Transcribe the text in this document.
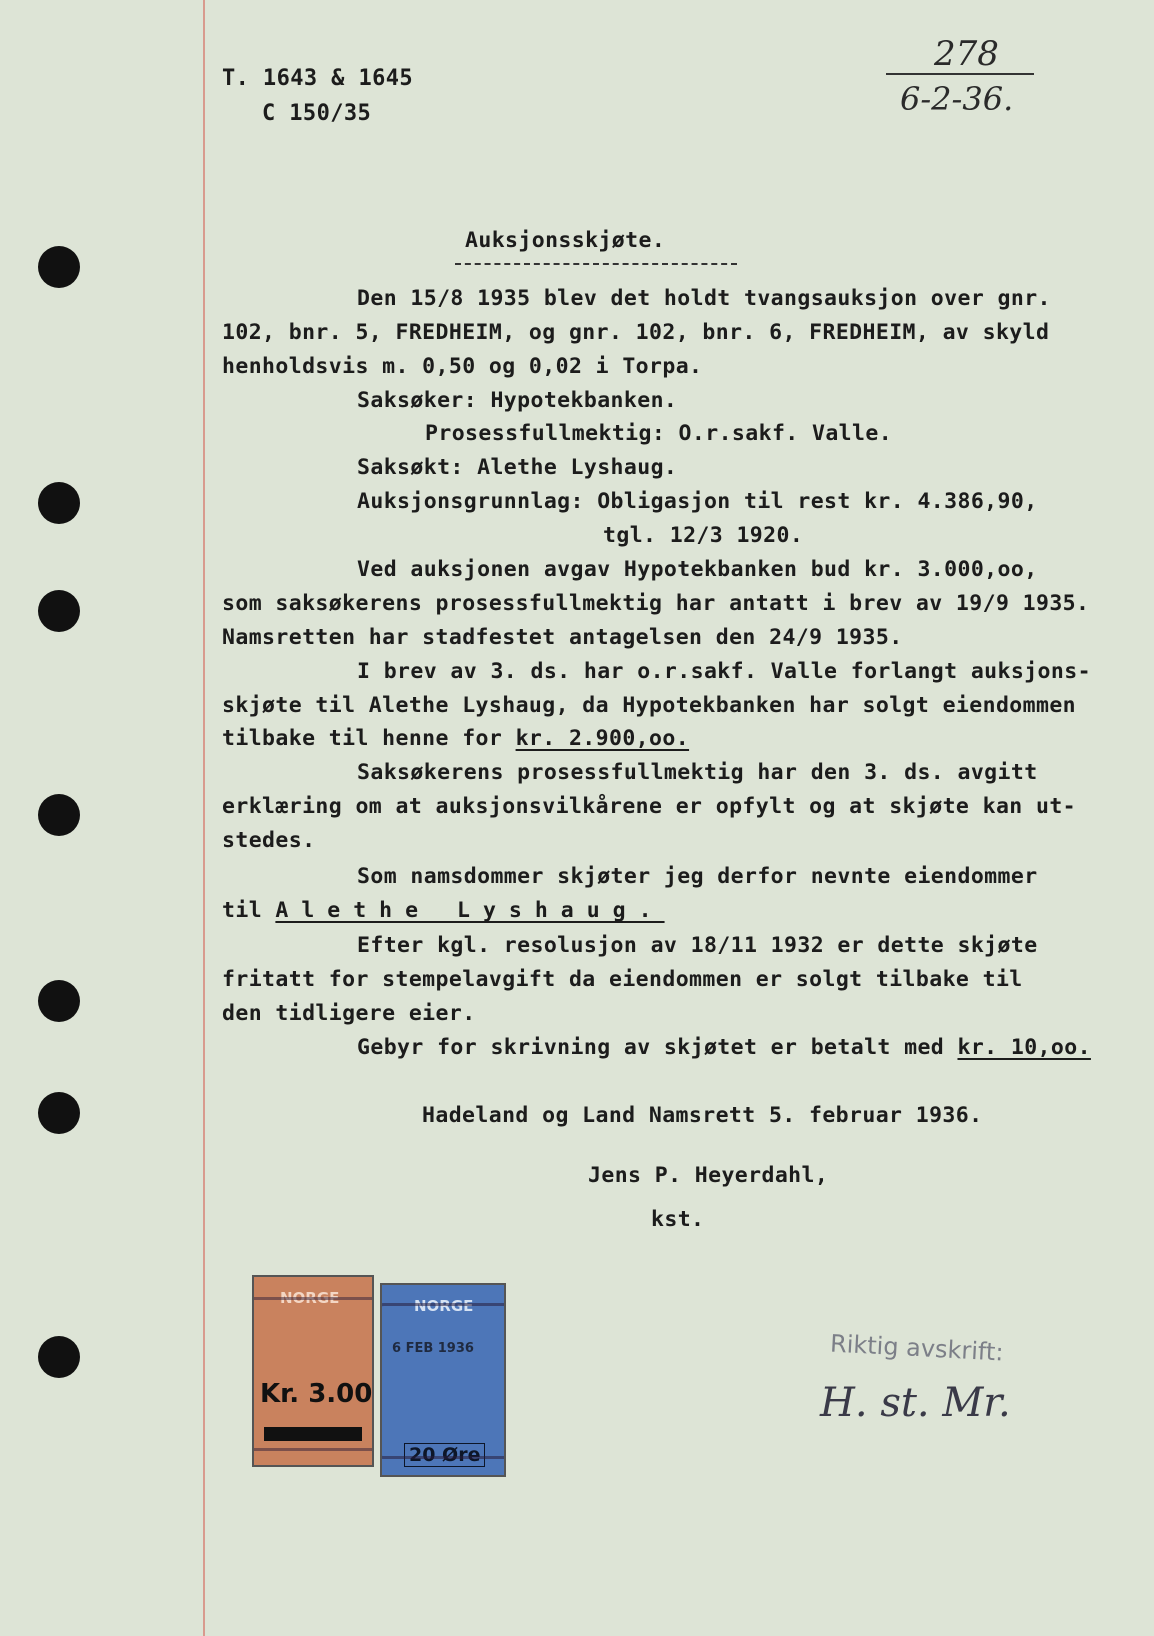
T. 1643 & 1645
C 150/35
278
6-2-36.
Auksjonsskjøte.
Den 15/8 1935 blev det holdt tvangsauksjon over gnr.
102, bnr. 5, FREDHEIM, og gnr. 102, bnr. 6, FREDHEIM, av skyld
henholdsvis m. 0,50 og 0,02 i Torpa.
Saksøker: Hypotekbanken.
Prosessfullmektig: O.r.sakf. Valle.
Saksøkt: Alethe Lyshaug.
Auksjonsgrunnlag: Obligasjon til rest kr. 4.386,90,
tgl. 12/3 1920.
Ved auksjonen avgav Hypotekbanken bud kr. 3.000,oo,
som saksøkerens prosessfullmektig har antatt i brev av 19/9 1935.
Namsretten har stadfestet antagelsen den 24/9 1935.
I brev av 3. ds. har o.r.sakf. Valle forlangt auksjons-
skjøte til Alethe Lyshaug, da Hypotekbanken har solgt eiendommen
tilbake til henne for kr. 2.900,oo.
Saksøkerens prosessfullmektig har den 3. ds. avgitt
erklæring om at auksjonsvilkårene er opfylt og at skjøte kan ut-
stedes.
Som namsdommer skjøter jeg derfor nevnte eiendommer
til Alethe Lyshaug.
Efter kgl. resolusjon av 18/11 1932 er dette skjøte
fritatt for stempelavgift da eiendommen er solgt tilbake til
den tidligere eier.
Gebyr for skrivning av skjøtet er betalt med kr. 10,oo.
Hadeland og Land Namsrett 5. februar 1936.
Jens P. Heyerdahl,
kst.
NORGE
Kr. 3.00
NORGE
6 FEB 1936
20 Øre
Riktig avskrift:
H. st. Mr.
